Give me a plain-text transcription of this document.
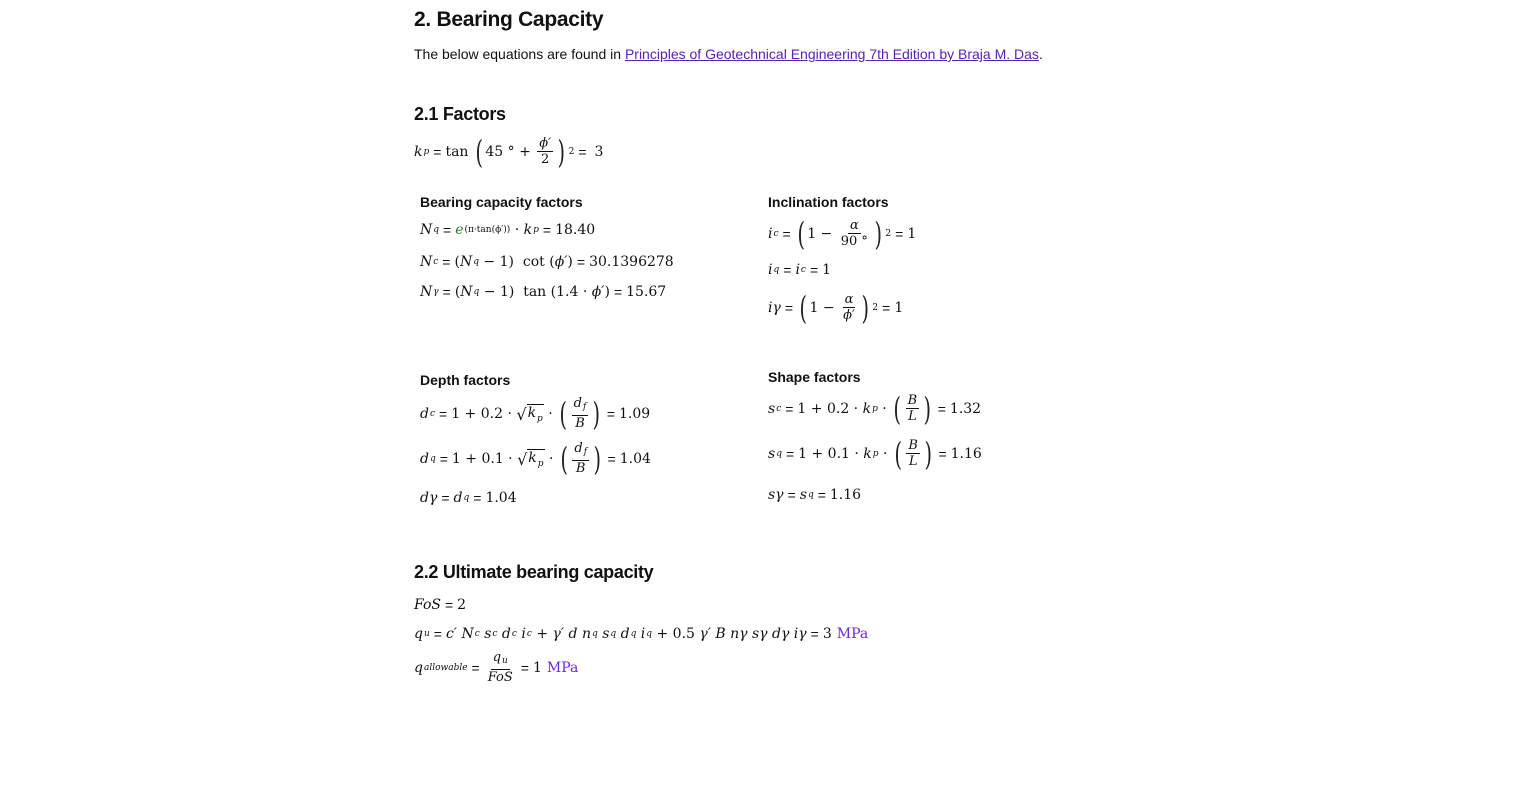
2. Bearing Capacity

The below equations are found in Principles of Geotechnical Engineering 7th Edition by Braja M. Das.

2.1 Factors
k p = tan ( 45 ° + $\frac{\phi'}{2}$ ) 2 = 3
Bearing capacity factors
N q = e (π·tan(ϕ′)) · k p = 18.40
N c = ( N q − 1)  cot ( ϕ′ ) = 30.1396278
N γ = ( N q − 1)  tan (1.4 · ϕ′ ) = 15.67
Inclination factors
i c = ( $1 - \frac{\alpha}{90 ^\circ}$ ) 2 = 1
i q = i c = 1
iγ = ( $1 - \frac{\alpha}{\phi'}$ ) 2 = 1
Depth factors
d c = 1 + 0.2 · √ $k_p$ · ( $\frac{d_f}{B}$ ) = 1.09
d q = 1 + 0.1 · √ $k_p$ · ( $\frac{d_f}{B}$ ) = 1.04
dγ = d q = 1.04
Shape factors
s c = 1 + 0.2 · k p · ( $\frac{B}{L}$ ) = 1.32
s q = 1 + 0.1 · k p · ( $\frac{B}{L}$ ) = 1.16
sγ = s q = 1.16
2.2 Ultimate bearing capacity
FoS = 2
q u = c′
N c
s c
d c
i c + γ′
d
n q
s q
d q
i q + 0.5 γ′
B
nγ
sγ
dγ
iγ = 3 MPa
q allowable = $\frac{q_u}{\text{FoS}} = 1$ MPa
